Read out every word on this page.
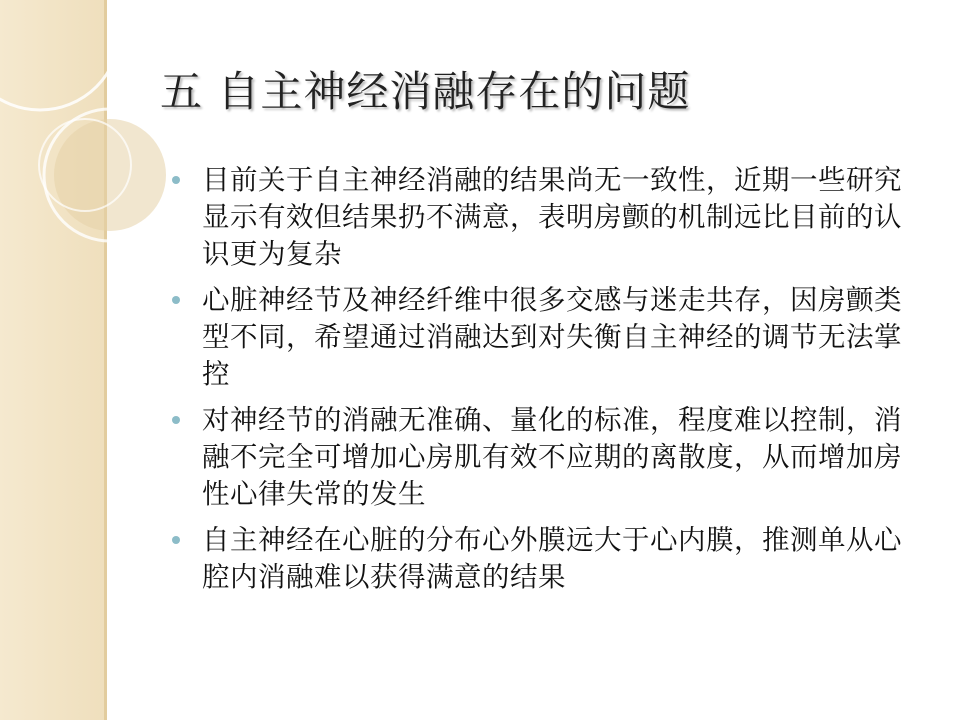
五 自主神经消融存在的问题
目前关于自主神经消融的结果尚无一致性，近期一些研究显示有效但结果扔不满意，表明房颤的机制远比目前的认识更为复杂
心脏神经节及神经纤维中很多交感与迷走共存，因房颤类型不同，希望通过消融达到对失衡自主神经的调节无法掌控
对神经节的消融无准确、量化的标准，程度难以控制，消融不完全可增加心房肌有效不应期的离散度，从而增加房性心律失常的发生
自主神经在心脏的分布心外膜远大于心内膜，推测单从心腔内消融难以获得满意的结果
